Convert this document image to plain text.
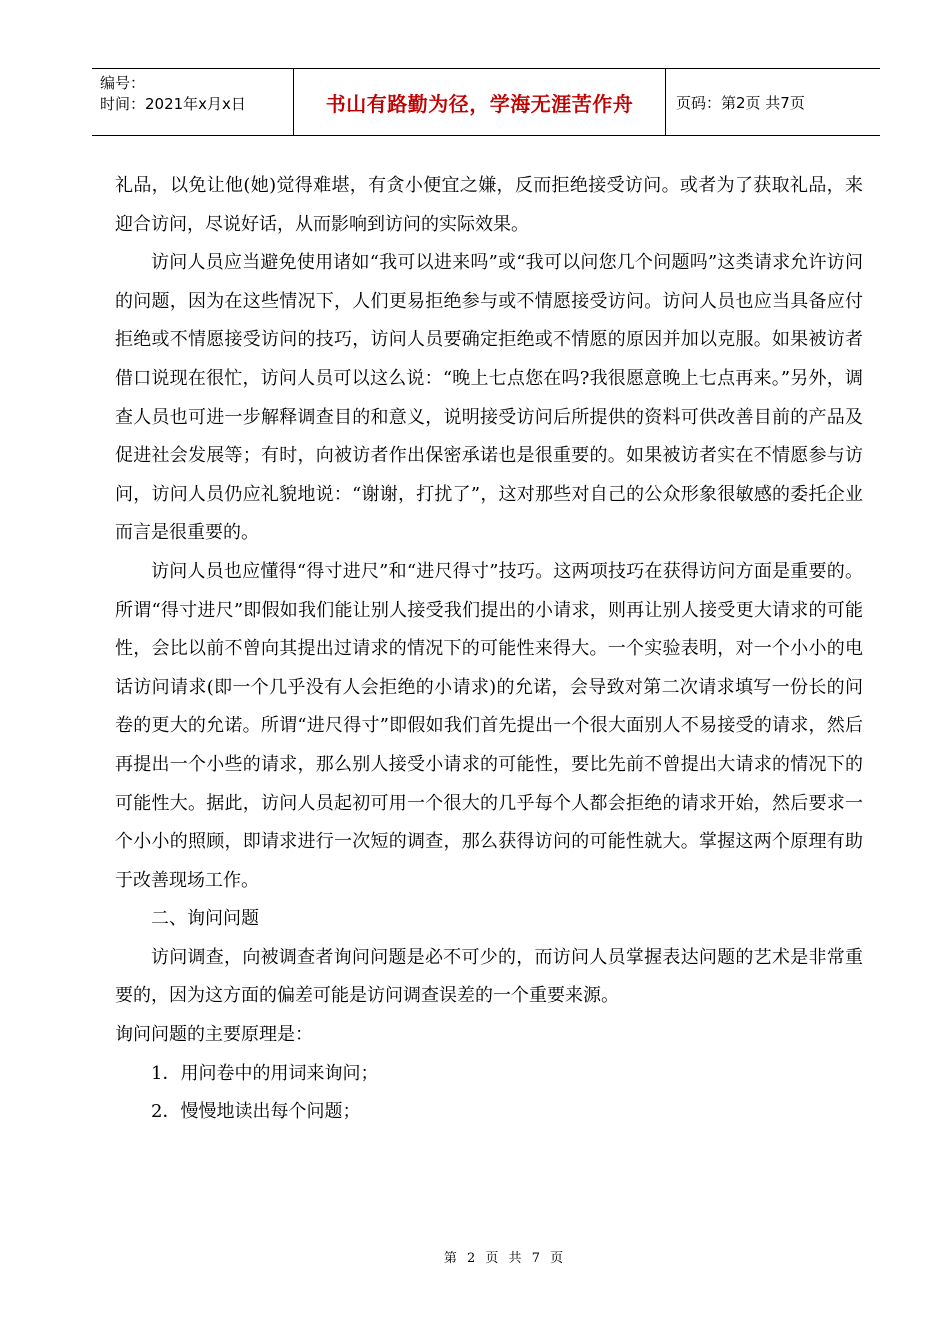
编号：
时间：2021年x月x日	书山有路勤为径，学海无涯苦作舟	页码：第2页 共7页

礼品，以免让他(她)觉得难堪，有贪小便宜之嫌，反而拒绝接受访问。或者为了获取礼品，来迎合访问，尽说好话，从而影响到访问的实际效果。

访问人员应当避免使用诸如“我可以进来吗”或“我可以问您几个问题吗”这类请求允许访问的问题，因为在这些情况下，人们更易拒绝参与或不情愿接受访问。访问人员也应当具备应付拒绝或不情愿接受访问的技巧，访问人员要确定拒绝或不情愿的原因并加以克服。如果被访者借口说现在很忙，访问人员可以这么说：“晚上七点您在吗?我很愿意晚上七点再来。”另外，调查人员也可进一步解释调查目的和意义，说明接受访问后所提供的资料可供改善目前的产品及促进社会发展等；有时，向被访者作出保密承诺也是很重要的。如果被访者实在不情愿参与访问，访问人员仍应礼貌地说：“谢谢，打扰了”，这对那些对自己的公众形象很敏感的委托企业而言是很重要的。

访问人员也应懂得“得寸进尺”和“进尺得寸”技巧。这两项技巧在获得访问方面是重要的。所谓“得寸进尺”即假如我们能让别人接受我们提出的小请求，则再让别人接受更大请求的可能性，会比以前不曾向其提出过请求的情况下的可能性来得大。一个实验表明，对一个小小的电话访问请求(即一个几乎没有人会拒绝的小请求)的允诺，会导致对第二次请求填写一份长的问卷的更大的允诺。所谓“进尺得寸”即假如我们首先提出一个很大面别人不易接受的请求，然后再提出一个小些的请求，那么别人接受小请求的可能性，要比先前不曾提出大请求的情况下的可能性大。据此，访问人员起初可用一个很大的几乎每个人都会拒绝的请求开始，然后要求一个小小的照顾，即请求进行一次短的调查，那么获得访问的可能性就大。掌握这两个原理有助于改善现场工作。

二、询问问题

访问调查，向被调查者询问问题是必不可少的，而访问人员掌握表达问题的艺术是非常重要的，因为这方面的偏差可能是访问调查误差的一个重要来源。

询问问题的主要原理是：

1．用问卷中的用词来询问；

2．慢慢地读出每个问题；

第 2 页 共 7 页
